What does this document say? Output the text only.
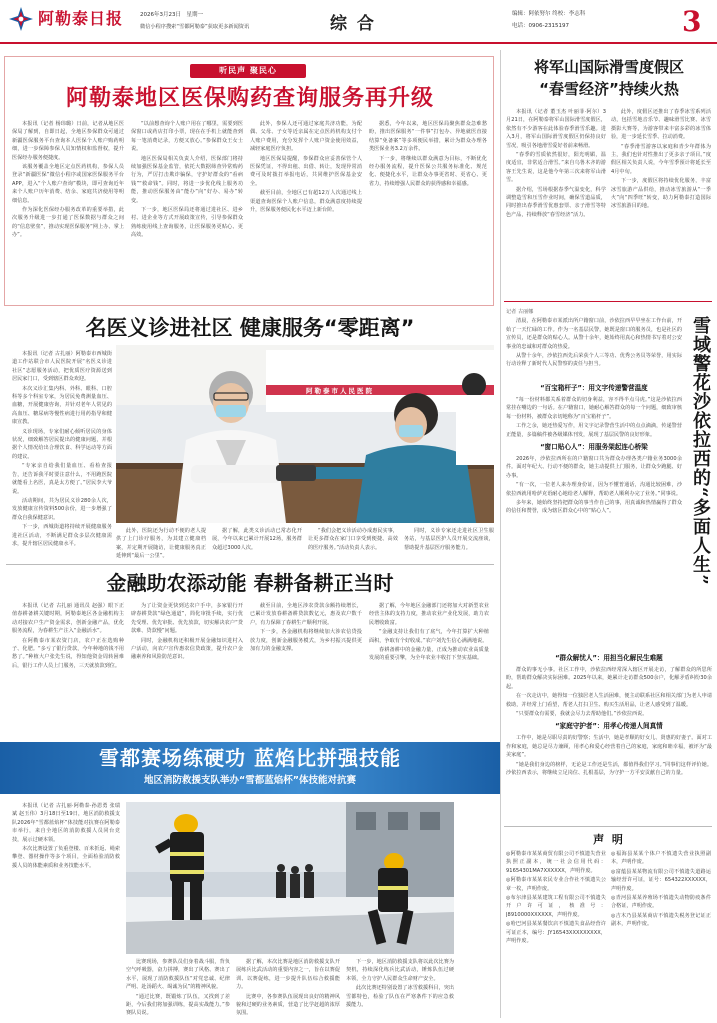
阿勒泰日报	2026年3月23日　星期一
微信小程序搜索“雪都阿勒泰”获取更多新闻资讯	综 合	编辑：阿依努尔 终校：李志科
电话：0906-2315197	3
听民声 聚民心
阿勒泰地区医保购药查询服务再升级

本报讯（记者 杨玮璐）日前，记者从地区医保局了解到，自即日起，全地区参保群众可通过新疆医保服务平台查询本人医保个人账户购药明细，进一步保障参保人员知情权和监督权，提升医保经办服务便捷度。

该服务覆盖全地区定点医药机构，参保人员登录“新疆医保”微信小程序或国家医保服务平台APP，进入“个人账户查询”模块，即可查询近年来个人账户历年消费、结余、家庭共济使用等明细信息。

作为深化医保经办服务改革的重要举措，此次服务升级进一步打通了医保数据与群众之间的“信息壁垒”，推动实现医保服务“网上办、掌上办”。

“以前想查询个人账户用在了哪里，需要到医保窗口或药店打印小票，现在在手机上就能查到每一笔消费记录，方便又放心。”参保群众王女士说。

地区医保局相关负责人介绍，医保部门将持续加强医保基金监管，依托大数据筛查异常购药行为，严厉打击欺诈骗保，守护好群众的“看病钱”“救命钱”。同时，将进一步优化线上服务功能，推动医保服务由“能办”向“好办、易办”转变。

下一步，地区医保局还将通过进社区、进乡村、进企业等方式开展政策宣传，引导参保群众熟练使用线上查询服务，让医保服务更贴心、更高效。

此外，参保人还可通过家庭共济功能，为配偶、父母、子女等近亲属在定点医药机构支付个人账户费用，充分发挥个人账户资金使用效益，减轻家庭医疗负担。

地区医保局提醒，参保群众应妥善保管个人医保凭证，不得出租、出借、转让，发现异常消费可及时拨打举报电话，共同维护医保基金安全。

截至目前，全地区已有超12万人次通过线上渠道查询医保个人账户信息，群众满意度持续提升，医保服务便民化水平迈上新台阶。

据悉，今年以来，地区医保局聚焦群众急难愁盼，推出医保服务“一件事”打包办、异地就医直接结算“免备案”等多项便民举措，累计为群众办理各类医保业务3.2万余件。

下一步，将继续以群众满意为目标，不断优化经办服务流程，提升医保公共服务标准化、规范化、便捷化水平，让群众办事更省时、更省心、更省力，持续增强人民群众的获得感和幸福感。

名医义诊进社区 健康服务“零距离”

本报讯（记者 古扎丽）阿勒泰市西城街道工作站联合市人民医院开展“名医义诊进社区”志愿服务活动，把优质医疗资源送到居民家门口，受到辖区群众欢迎。

本次义诊汇集内科、外科、眼科、口腔科等多个科室专家，为居民免费测量血压、血糖，开展健康咨询，并针对老年人常见的高血压、糖尿病等慢性病进行用药指导和健康宣教。

义诊现场，专家们耐心倾听居民的身体状况，细致解答居民提出的健康问题，并根据个人情况给出合理饮食、科学运动等方面的建议。

“专家亲自给我们量血压、看检查报告，还告诉我平时要注意什么，不用跑医院就能看上名医，真是太方便了。”居民李大爷说。

活动期间，共为居民义诊280余人次，发放健康宣传资料500余份，进一步增强了群众自我保健意识。

下一步，西城街道将持续开展健康服务进社区活动，不断满足群众多层次健康需求，提升辖区居民健康水平。

阿勒泰市人民医院

此外，医院还为行动不便的老人提供了上门诊疗服务，为其建立健康档案，并定期开展随访，让健康服务真正延伸到“最后一公里”。

据了解，此类义诊活动已常态化开展，今年以来已累计开展12场，服务群众超过3000人次。

“我们会把义诊活动办成惠民实事，让更多群众在家门口享受到便捷、高效的医疗服务。”活动负责人表示。

同时，义诊专家还走进社区卫生服务站，与基层医护人员开展交流座谈，帮助提升基层医疗服务能力。

金融助农添动能 春耕备耕正当时

本报讯（记者 古扎丽 通讯员 赵强）眼下正值春耕备耕关键时期，阿勒泰地区各金融机构主动对接农户生产资金需求，创新金融产品，优化服务流程，为春耕生产注入“金融活水”。

在阿勒泰市某农资门店，农户正在选购种子、化肥。“多亏了银行贷款，今年种地的钱不用愁了。”种植大户张先生说，得知他资金周转困难后，银行工作人员上门服务，三天就放款到位。

为了让资金更快到达农户手中，多家银行开辟春耕贷款“绿色通道”，简化审批手续，实行优先受理、优先审批、优先放款，切实解决农户“贷款难、贷款慢”问题。

同时，金融机构还积极开展金融知识进村入户活动，向农户宣传惠农信贷政策，提升农户金融素养和风险防范意识。

截至目前，全地区涉农贷款余额持续增长，已累计发放春耕备耕贷款数亿元，惠及农户数千户，有力保障了春耕生产顺利开展。

下一步，各金融机构将继续加大涉农信贷投放力度，创新金融服务模式，为乡村振兴提供更加有力的金融支撑。

据了解，今年地区金融部门还将加大对新型农业经营主体的支持力度，推动农业产业化发展，助力农民增收致富。

“金融支持让我们有了底气，今年打算扩大种植面积，争取有个好收成。”农户刘先生信心满满地说。

春耕备耕中的金融力量，正成为推动农业高质量发展的重要引擎，为全年农业丰收打下坚实基础。

雪都赛场练硬功 蓝焰比拼强技能
地区消防救援支队举办“雪都蓝焰杯”体技能对抗赛

本报讯（记者 古扎丽·阿勒泰·孙恩勇 张瑞斌 赵玉伟）3月18日至19日，地区消防救援支队2026年“雪都蓝焰杯”体技能对抗赛在阿勒泰市举行，来自全地区的消防救援人员同台竞技，展示过硬本领。

本次比赛设置了负重登楼、百米折返、绳索攀登、器材操作等多个项目，全面检验消防救援人员的体能素质和业务技能水平。

比赛现场，参赛队员们身着战斗服，背负空气呼吸器，奋力拼搏，赛出了风格、赛出了水平，展现了消防救援队伍“对党忠诚、纪律严明、赴汤蹈火、竭诚为民”的精神风貌。

“通过比赛，既锻炼了队伍，又找到了差距，今后我们将加强训练，提高实战能力。”参赛队员说。

据了解，本次比赛是地区消防救援支队开展练兵比武活动的重要内容之一，旨在以赛促训、以赛促练，进一步提升队伍综合救援能力。

比赛中，各参赛队伍展现出良好的精神风貌和过硬的业务素质，营造了比学赶超的浓厚氛围。

下一步，地区消防救援支队将以此次比赛为契机，持续深化练兵比武活动，锤炼队伍过硬本领，全力守护人民群众生命财产安全。

此次比赛还特别设置了冰雪救援科目，突出雪都特色，检验了队伍在严寒条件下的应急救援能力。

将军山国际滑雪度假区
“春雪经济”持续火热

本报讯（记者 董玉杰 叶丽菲·阿尔）3月21日，在阿勒泰将军山国际滑雪度假区，依然有不少游客在此体验春季滑雪乐趣。进入3月，将军山国际滑雪度假区仍保持良好雪况，吸引各地滑雪爱好者前来畅滑。

“春季的雪质依然很好，阳光明媚，温度适宜，非常适合滑雪。”来自乌鲁木齐的游客王先生说，这是他今年第三次来将军山滑雪。

据介绍，雪场根据春季气温变化，科学调整造雪和压雪作业时间，确保雪道品质，同时推出春季滑雪优惠套票、亲子滑雪等特色产品，持续释放“春雪经济”活力。

此外，度假区还推出了春季冰雪系列活动，包括雪地音乐节、趣味滑雪比赛、冰雪摄影大赛等，为游客带来丰富多彩的冰雪体验，进一步延长雪季、拉动消费。

“春季滑雪游客以家庭和青少年群体为主，我们也针对性推出了更多亲子项目。”度假区相关负责人说，今年雪季预计将延长至4月中旬。

下一步，度假区将持续优化服务，丰富冰雪旅游产品供给，推动冰雪旅游从“一季火”向“四季旺”转变，助力阿勒泰打造国际冰雪旅游目的地。

雪域警花沙依拉西的“多面人生”

记者 古丽娜

清晨，在阿勒泰市某派出所户籍窗口前，沙依拉西早早坐在工作台前，开始了一天忙碌的工作。作为一名基层民警，她既是窗口的服务员，也是社区的宣传员，还是群众的贴心人。从警十余年，她始终用真心和热情书写着对公安事业的忠诚和对群众的热爱。

从警十余年，沙依拉西先后荣获个人三等功、优秀公务员等荣誉，用实际行动诠释了新时代人民警察的责任与担当。

“百宝箱杆子”：用文字传递警营温度

“每一份材料都关系着群众的切身利益，容不得半点马虎。”这是沙依拉西常挂在嘴边的一句话。在户籍窗口，她耐心解答群众的每一个问题，细致审核每一份材料，被群众亲切地称为“百宝箱杆子”。

工作之余，她还热爱写作，用文字记录警营生活中的点点滴滴，传递警营正能量，多篇稿件被各级媒体刊发，展现了基层民警的良好形象。

“窗口贴心人”：用服务架起连心桥梁

2026年，沙依拉西所在的户籍窗口共为群众办理各类户籍业务3000余件。面对年纪大、行动不便的群众，她主动提供上门服务，让群众少跑腿、好办事。

“有一次，一位老人来办理身份证，因为不懂普通话，沟通比较困难，沙依拉西就用哈萨克语耐心地给老人解释，帮助老人顺利办完了业务。”同事说。

多年来，她始终坚持把群众的事当作自己的事，用真诚和热情赢得了群众的信任和赞誉，成为辖区群众心中的“贴心人”。

“群众解忧人”：用担当化解民生难题

群众的事无小事。社区工作中，沙依拉西经常深入辖区开展走访，了解群众的所思所盼，帮助群众解决实际困难。2025年以来，她累计走访群众500余户，化解矛盾纠纷30余起。

在一次走访中，她得知一位独居老人生活困难，便主动联系社区和相关部门为老人申请救助，并经常上门看望，帮老人打扫卫生、购买生活用品，让老人感受到了温暖。

“只要群众有需要，我就会尽力去帮助他们。”沙依拉西说。

“家庭守护者”：用孝心传递人间真情

工作中，她是尽职尽责的好警察；生活中，她是孝顺的好女儿、贤惠的好妻子。面对工作和家庭，她总是尽力兼顾，用孝心和爱心经营着自己的家庭，家庭和睦幸福，被评为“最美家庭”。

“她是我们身边的榜样，无论是工作还是生活，都值得我们学习。”同事们这样评价她。沙依拉西表示，将继续立足岗位、扎根基层，为守护一方平安贡献自己的力量。

声 明

◎阿勒泰市某某商贸有限公司不慎遗失营业执照正副本，统一社会信用代码：91654301MA7XXXXXX，声明作废。

◎阿勒泰市某某农民专业合作社不慎遗失公章一枚，声明作废。

◎布尔津县某某建筑工程有限公司不慎遗失开户许可证，核准号：J8910000XXXXXX，声明作废。

◎哈巴河县某某餐饮店不慎遗失食品经营许可证正本，编号：JY16543XXXXXXXXX，声明作废。

◎福海县某某个体户不慎遗失营业执照副本，声明作废。

◎富蕴县某某物流有限公司不慎遗失道路运输经营许可证，证号：654322XXXXXX，声明作废。

◎青河县某某养殖场不慎遗失动物防疫条件合格证，声明作废。

◎吉木乃县某某商店不慎遗失税务登记证正副本，声明作废。
